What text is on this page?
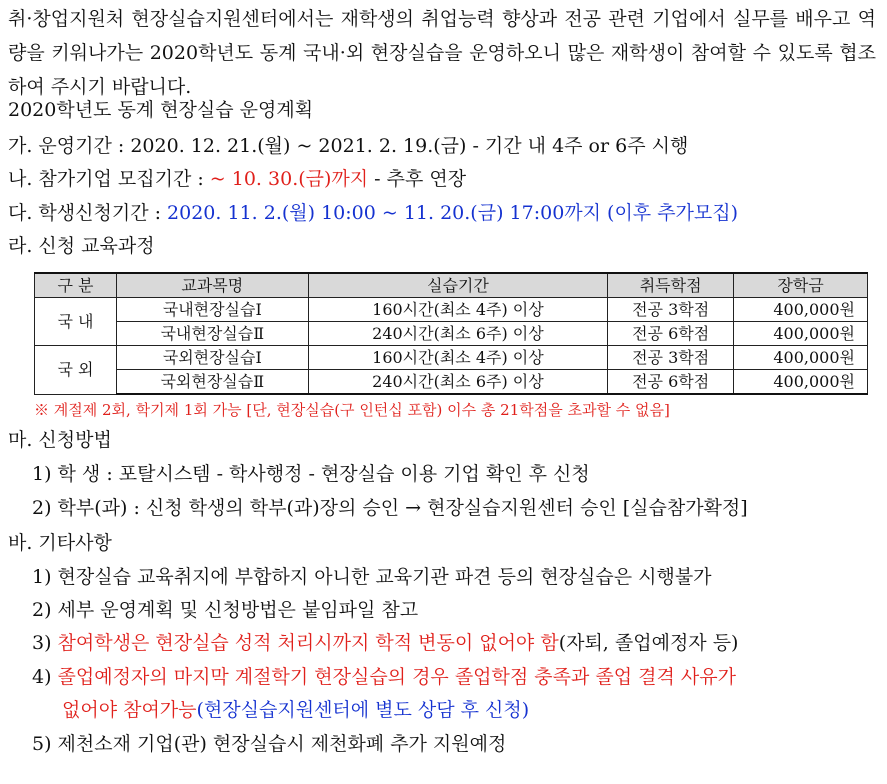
취·창업지원처 현장실습지원센터에서는 재학생의 취업능력 향상과 전공 관련 기업에서 실무를 배우고 역량을 키워나가는 2020학년도 동계 국내·외 현장실습을 운영하오니 많은 재학생이 참여할 수 있도록 협조하여 주시기 바랍니다.
2020학년도 동계 현장실습 운영계획
가. 운영기간 : 2020. 12. 21.(월) ~ 2021. 2. 19.(금) - 기간 내 4주 or 6주 시행
나. 참가기업 모집기간 : ~ 10. 30.(금)까지 - 추후 연장
다. 학생신청기간 : 2020. 11. 2.(월) 10:00 ~ 11. 20.(금) 17:00까지 (이후 추가모집)
라. 신청 교육과정
구 분	교과목명	실습기간	취득학점	장학금
국 내	국내현장실습Ⅰ	160시간(최소 4주) 이상	전공 3학점	400,000원
	국내현장실습Ⅱ	240시간(최소 6주) 이상	전공 6학점	400,000원
국 외	국외현장실습Ⅰ	160시간(최소 4주) 이상	전공 3학점	400,000원
	국외현장실습Ⅱ	240시간(최소 6주) 이상	전공 6학점	400,000원
※ 계절제 2회, 학기제 1회 가능 [단, 현장실습(구 인턴십 포함) 이수 총 21학점을 초과할 수 없음]
마. 신청방법
1) 학 생 : 포탈시스템 - 학사행정 - 현장실습 이용 기업 확인 후 신청
2) 학부(과) : 신청 학생의 학부(과)장의 승인 → 현장실습지원센터 승인 [실습참가확정]
바. 기타사항
1) 현장실습 교육취지에 부합하지 아니한 교육기관 파견 등의 현장실습은 시행불가
2) 세부 운영계획 및 신청방법은 붙임파일 참고
3) 참여학생은 현장실습 성적 처리시까지 학적 변동이 없어야 함(자퇴, 졸업예정자 등)
4) 졸업예정자의 마지막 계절학기 현장실습의 경우 졸업학점 충족과 졸업 결격 사유가
없어야 참여가능(현장실습지원센터에 별도 상담 후 신청)
5) 제천소재 기업(관) 현장실습시 제천화폐 추가 지원예정
